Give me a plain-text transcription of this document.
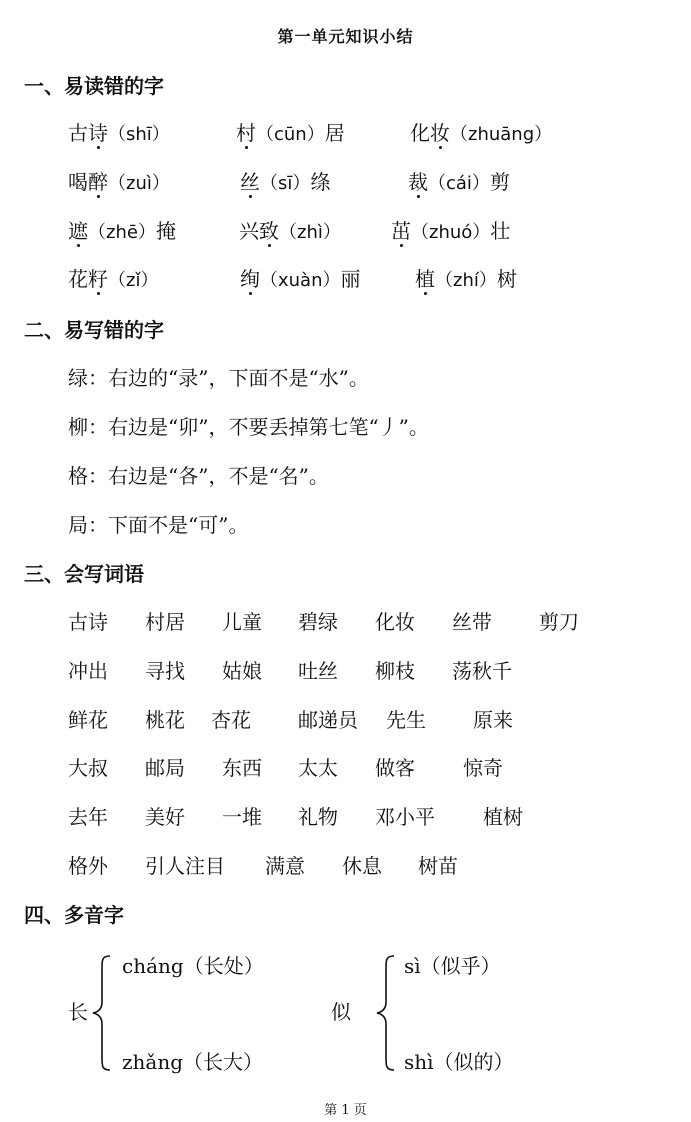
第一单元知识小结
一、易读错的字
古诗（shī）	村（cūn）居	化妆（zhuāng）
喝醉（zuì）	丝（sī）绦	裁（cái）剪
遮（zhē）掩	兴致（zhì）	茁（zhuó）壮
花籽（zǐ）	绚（xuàn）丽	植（zhí）树
二、易写错的字
绿：右边的“录”，下面不是“水”。
柳：右边是“卯”，不要丢掉第七笔“丿”。
格：右边是“各”，不是“名”。
局：下面不是“可”。
三、会写词语
古诗 村居 儿童 碧绿 化妆 丝带 剪刀
冲出 寻找 姑娘 吐丝 柳枝 荡秋千
鲜花 桃花 杏花 邮递员 先生 原来
大叔 邮局 东西 太太 做客 惊奇
去年 美好 一堆 礼物 邓小平 植树
格外 引人注目 满意 休息 树苗
四、多音字
长
cháng（长处）
zhǎng（长大）
似
sì（似乎）
shì（似的）
第 1 页
